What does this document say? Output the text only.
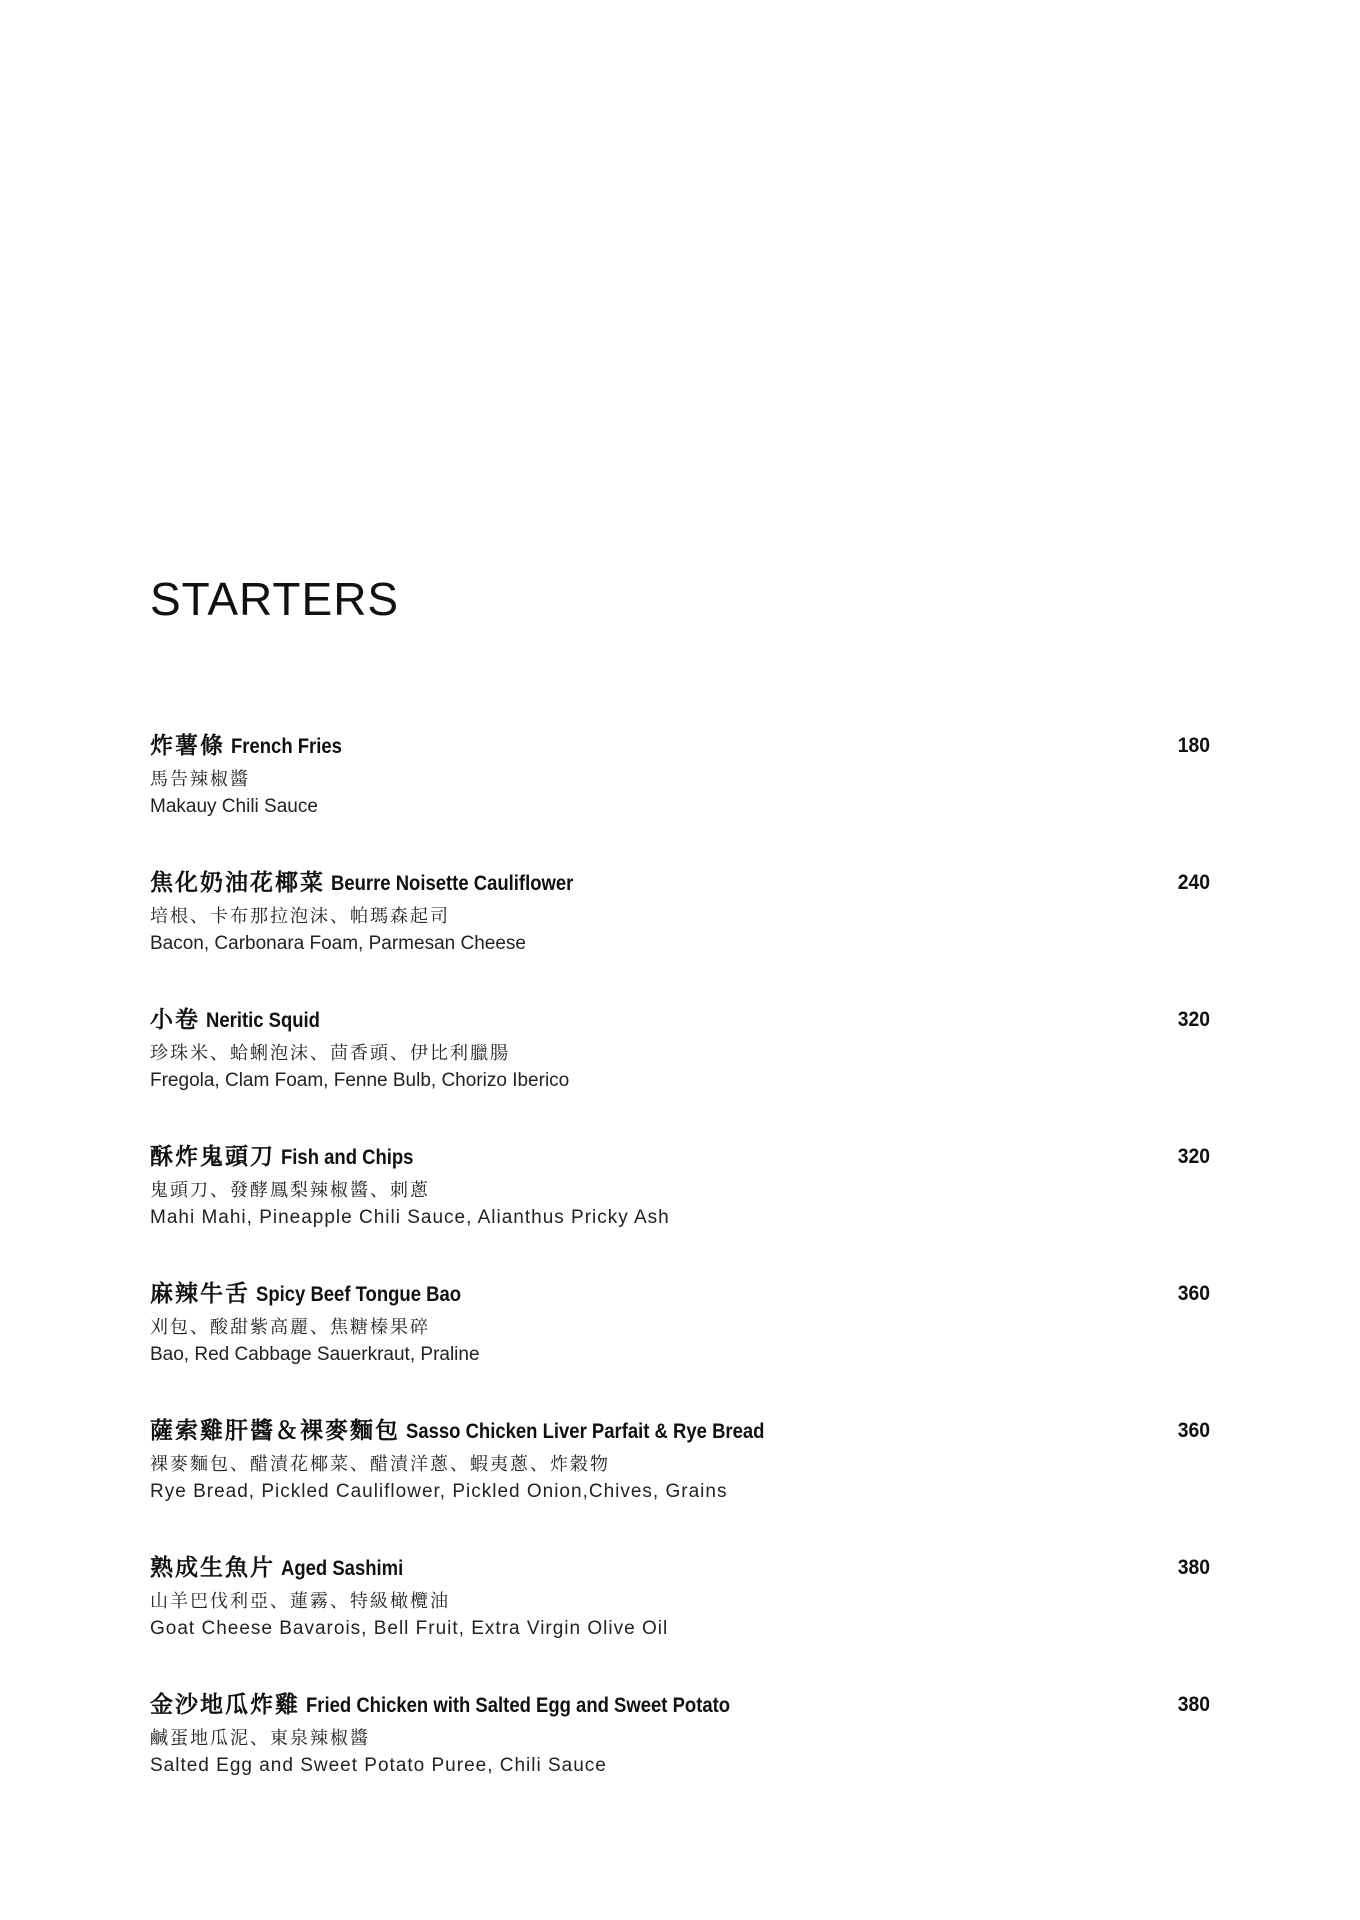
STARTERS
炸薯條 French Fries	180
馬告辣椒醬
Makauy Chili Sauce
焦化奶油花椰菜 Beurre Noisette Cauliflower	240
培根、卡布那拉泡沫、帕瑪森起司
Bacon, Carbonara Foam, Parmesan Cheese
小卷 Neritic Squid	320
珍珠米、蛤蜊泡沫、茴香頭、伊比利臘腸
Fregola, Clam Foam, Fenne Bulb, Chorizo Iberico
酥炸鬼頭刀 Fish and Chips	320
鬼頭刀、發酵鳳梨辣椒醬、刺蔥
Mahi Mahi, Pineapple Chili Sauce, Alianthus Pricky Ash
麻辣牛舌 Spicy Beef Tongue Bao	360
刈包、酸甜紫高麗、焦糖榛果碎
Bao, Red Cabbage Sauerkraut, Praline
薩索雞肝醬＆裸麥麵包 Sasso Chicken Liver Parfait & Rye Bread	360
裸麥麵包、醋漬花椰菜、醋漬洋蔥、蝦夷蔥、炸穀物
Rye Bread, Pickled Cauliflower, Pickled Onion,Chives, Grains
熟成生魚片 Aged Sashimi	380
山羊巴伐利亞、蓮霧、特級橄欖油
Goat Cheese Bavarois, Bell Fruit, Extra Virgin Olive Oil
金沙地瓜炸雞 Fried Chicken with Salted Egg and Sweet Potato	380
鹹蛋地瓜泥、東泉辣椒醬
Salted Egg and Sweet Potato Puree, Chili Sauce
